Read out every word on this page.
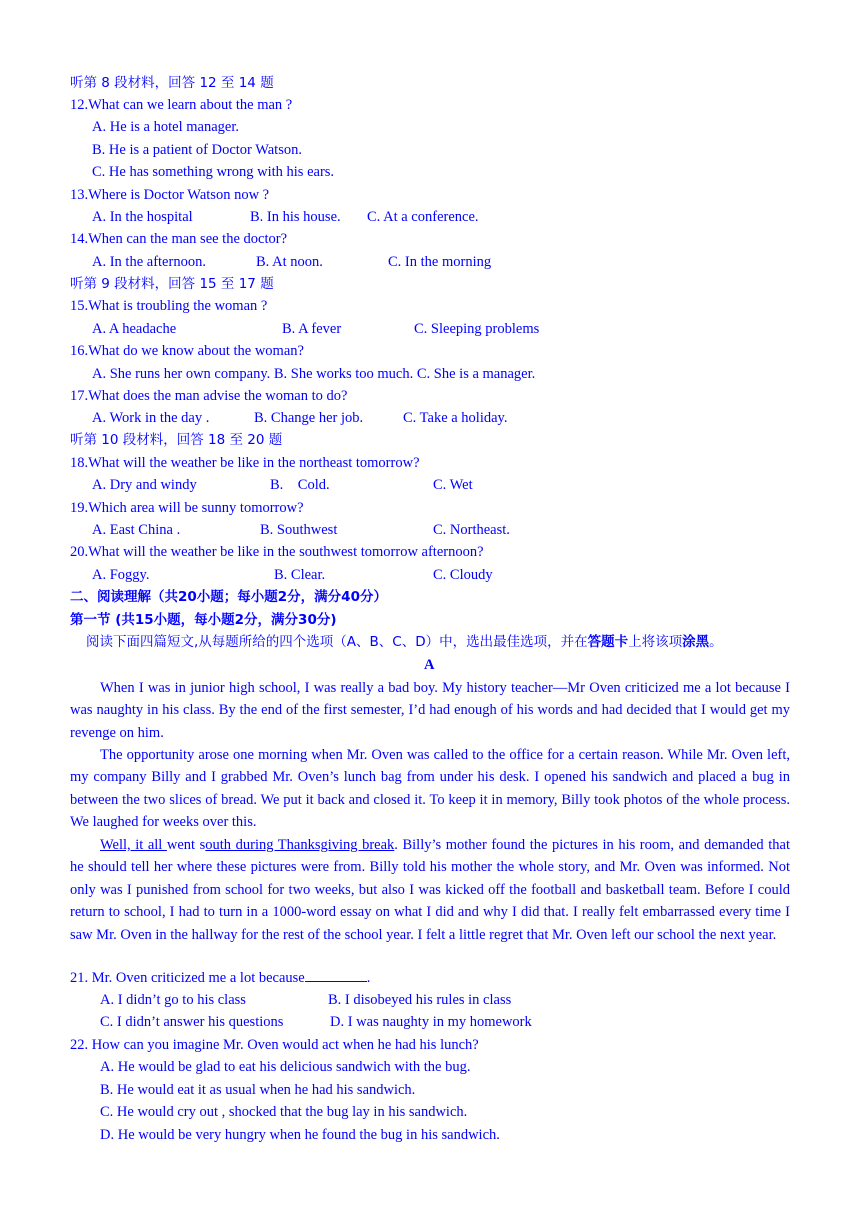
听第 8 段材料，回答 12 至 14 题
12.What can we learn about the man ?
A. He is a hotel manager.
B. He is a patient of Doctor Watson.
C. He has something wrong with his ears.
13.Where is Doctor Watson now ?
A. In the hospital	B. In his house. C. At a conference.
14.When can the man see the doctor?
A. In the afternoon.	B. At noon.	C. In the morning
听第 9 段材料，回答 15 至 17 题
15.What is troubling the woman ?
A. A headache	B. A fever	C. Sleeping problems
16.What do we know about the woman?
A. She runs her own company. B. She works too much. C. She is a manager.
17.What does the man advise the woman to do?
A. Work in the day .	B. Change her job.	C. Take a holiday.
听第 10 段材料，回答 18 至 20 题
18.What will the weather be like in the northeast tomorrow?
A. Dry and windy	B.    Cold.	C. Wet
19.Which area will be sunny tomorrow?
A. East China .	B. Southwest	C. Northeast.
20.What will the weather be like in the southwest tomorrow afternoon?
A. Foggy.	B. Clear.	C. Cloudy
二、阅读理解（共20小题；每小题2分，满分40分）
第一节 (共15小题，每小题2分，满分30分)
阅读下面四篇短文,从每题所给的四个选项（A、B、C、D）中，选出最佳选项，并在答题卡上将该项涂黑。
A

When I was in junior high school, I was really a bad boy. My history teacher—Mr Oven criticized me a lot because I was naughty in his class. By the end of the first semester, I’d had enough of his words and had decided that I would get my revenge on him.

The opportunity arose one morning when Mr. Oven was called to the office for a certain reason. While Mr. Oven left, my company Billy and I grabbed Mr. Oven’s lunch bag from under his desk. I opened his sandwich and placed a bug in between the two slices of bread. We put it back and closed it. To keep it in memory, Billy took photos of the whole process. We laughed for weeks over this.

Well, it all went south during Thanksgiving break. Billy’s mother found the pictures in his room, and demanded that he should tell her where these pictures were from. Billy told his mother the whole story, and Mr. Oven was informed. Not only was I punished from school for two weeks, but also I was kicked off the football and basketball team. Before I could return to school, I had to turn in a 1000-word essay on what I did and why I did that. I really felt embarrassed every time I saw Mr. Oven in the hallway for the rest of the school year. I felt a little regret that Mr. Oven left our school the next year.

21. Mr. Oven criticized me a lot because	.
A. I didn’t go to his class	B. I disobeyed his rules in class
C. I didn’t answer his questions	D. I was naughty in my homework
22. How can you imagine Mr. Oven would act when he had his lunch?
A. He would be glad to eat his delicious sandwich with the bug.
B. He would eat it as usual when he had his sandwich.
C. He would cry out , shocked that the bug lay in his sandwich.
D. He would be very hungry when he found the bug in his sandwich.
